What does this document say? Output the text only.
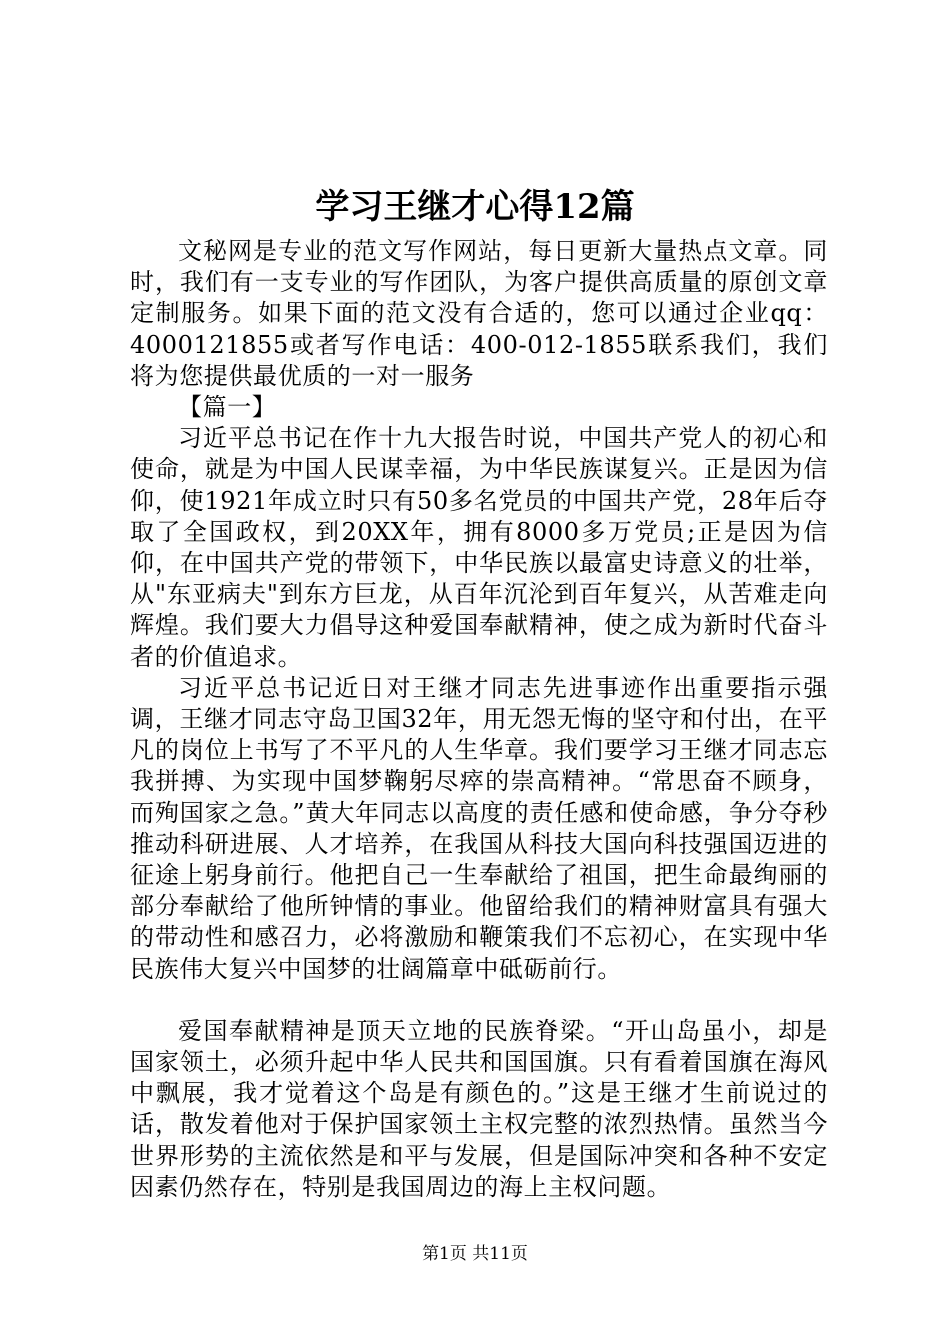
学习王继才心得12篇

文秘网是专业的范文写作网站，每日更新大量热点文章。同时，我们有一支专业的写作团队，为客户提供高质量的原创文章定制服务。如果下面的范文没有合适的，您可以通过企业qq：4000121855或者写作电话：400-012-1855联系我们，我们将为您提供最优质的一对一服务

【篇一】

习近平总书记在作十九大报告时说，中国共产党人的初心和使命，就是为中国人民谋幸福，为中华民族谋复兴。正是因为信仰，使1921年成立时只有50多名党员的中国共产党，28年后夺取了全国政权，到20XX年，拥有8000多万党员;正是因为信仰，在中国共产党的带领下，中华民族以最富史诗意义的壮举，从"东亚病夫"到东方巨龙，从百年沉沦到百年复兴，从苦难走向辉煌。我们要大力倡导这种爱国奉献精神，使之成为新时代奋斗者的价值追求。

习近平总书记近日对王继才同志先进事迹作出重要指示强调，王继才同志守岛卫国32年，用无怨无悔的坚守和付出，在平凡的岗位上书写了不平凡的人生华章。我们要学习王继才同志忘我拼搏、为实现中国梦鞠躬尽瘁的崇高精神。“常思奋不顾身，而殉国家之急。”黄大年同志以高度的责任感和使命感，争分夺秒推动科研进展、人才培养，在我国从科技大国向科技强国迈进的征途上躬身前行。他把自己一生奉献给了祖国，把生命最绚丽的部分奉献给了他所钟情的事业。他留给我们的精神财富具有强大的带动性和感召力，必将激励和鞭策我们不忘初心，在实现中华民族伟大复兴中国梦的壮阔篇章中砥砺前行。

爱国奉献精神是顶天立地的民族脊梁。“开山岛虽小，却是国家领土，必须升起中华人民共和国国旗。只有看着国旗在海风中飘展，我才觉着这个岛是有颜色的。”这是王继才生前说过的话，散发着他对于保护国家领土主权完整的浓烈热情。虽然当今世界形势的主流依然是和平与发展，但是国际冲突和各种不安定因素仍然存在，特别是我国周边的海上主权问题。

第1页 共11页
